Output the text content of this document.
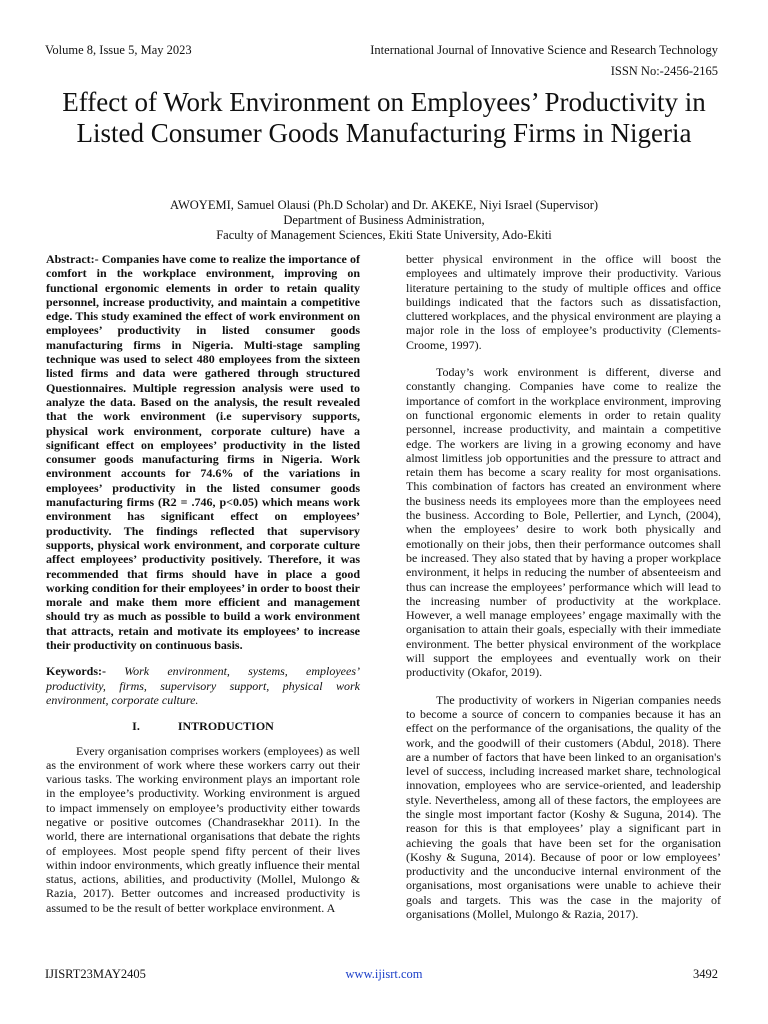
Volume 8, Issue 5, May 2023	International Journal of Innovative Science and Research Technology
ISSN No:-2456-2165
Effect of Work Environment on Employees’ Productivity in Listed Consumer Goods Manufacturing Firms in Nigeria
AWOYEMI, Samuel Olausi (Ph.D Scholar) and Dr. AKEKE, Niyi Israel (Supervisor)
Department of Business Administration,
Faculty of Management Sciences, Ekiti State University, Ado-Ekiti

Abstract:- Companies have come to realize the importance of comfort in the workplace environment, improving on functional ergonomic elements in order to retain quality personnel, increase productivity, and maintain a competitive edge. This study examined the effect of work environment on employees’ productivity in listed consumer goods manufacturing firms in Nigeria. Multi-stage sampling technique was used to select 480 employees from the sixteen listed firms and data were gathered through structured Questionnaires. Multiple regression analysis were used to analyze the data. Based on the analysis, the result revealed that the work environment (i.e supervisory supports, physical work environment, corporate culture) have a significant effect on employees’ productivity in the listed consumer goods manufacturing firms in Nigeria. Work environment accounts for 74.6% of the variations in employees’ productivity in the listed consumer goods manufacturing firms (R2 = .746, p<0.05) which means work environment has significant effect on employees’ productivity. The findings reflected that supervisory supports, physical work environment, and corporate culture affect employees’ productivity positively. Therefore, it was recommended that firms should have in place a good working condition for their employees’ in order to boost their morale and make them more efficient and management should try as much as possible to build a work environment that attracts, retain and motivate its employees’ to increase their productivity on continuous basis.

Keywords:- Work environment, systems, employees’ productivity, firms, supervisory support, physical work environment, corporate culture.

I.	INTRODUCTION

Every organisation comprises workers (employees) as well as the environment of work where these workers carry out their various tasks. The working environment plays an important role in the employee’s productivity. Working environment is argued to impact immensely on employee’s productivity either towards negative or positive outcomes (Chandrasekhar 2011). In the world, there are international organisations that debate the rights of employees. Most people spend fifty percent of their lives within indoor environments, which greatly influence their mental status, actions, abilities, and productivity (Mollel, Mulongo & Razia, 2017). Better outcomes and increased productivity is assumed to be the result of better workplace environment. A

better physical environment in the office will boost the employees and ultimately improve their productivity. Various literature pertaining to the study of multiple offices and office buildings indicated that the factors such as dissatisfaction, cluttered workplaces, and the physical environment are playing a major role in the loss of employee’s productivity (Clements- Croome, 1997).

Today’s work environment is different, diverse and constantly changing. Companies have come to realize the importance of comfort in the workplace environment, improving on functional ergonomic elements in order to retain quality personnel, increase productivity, and maintain a competitive edge. The workers are living in a growing economy and have almost limitless job opportunities and the pressure to attract and retain them has become a scary reality for most organisations. This combination of factors has created an environment where the business needs its employees more than the employees need the business. According to Bole, Pellertier, and Lynch, (2004), when the employees’ desire to work both physically and emotionally on their jobs, then their performance outcomes shall be increased. They also stated that by having a proper workplace environment, it helps in reducing the number of absenteeism and thus can increase the employees’ performance which will lead to the increasing number of productivity at the workplace. However, a well manage employees’ engage maximally with the organisation to attain their goals, especially with their immediate environment. The better physical environment of the workplace will support the employees and eventually work on their productivity (Okafor, 2019).

The productivity of workers in Nigerian companies needs to become a source of concern to companies because it has an effect on the performance of the organisations, the quality of the work, and the goodwill of their customers (Abdul, 2018). There are a number of factors that have been linked to an organisation's level of success, including increased market share, technological innovation, employees who are service-oriented, and leadership style. Nevertheless, among all of these factors, the employees are the single most important factor (Koshy & Suguna, 2014). The reason for this is that employees’ play a significant part in achieving the goals that have been set for the organisation (Koshy & Suguna, 2014). Because of poor or low employees’ productivity and the unconducive internal environment of the organisations, most organisations were unable to achieve their goals and targets. This was the case in the majority of organisations (Mollel, Mulongo & Razia, 2017).

IJISRT23MAY2405	www.ijisrt.com	3492
